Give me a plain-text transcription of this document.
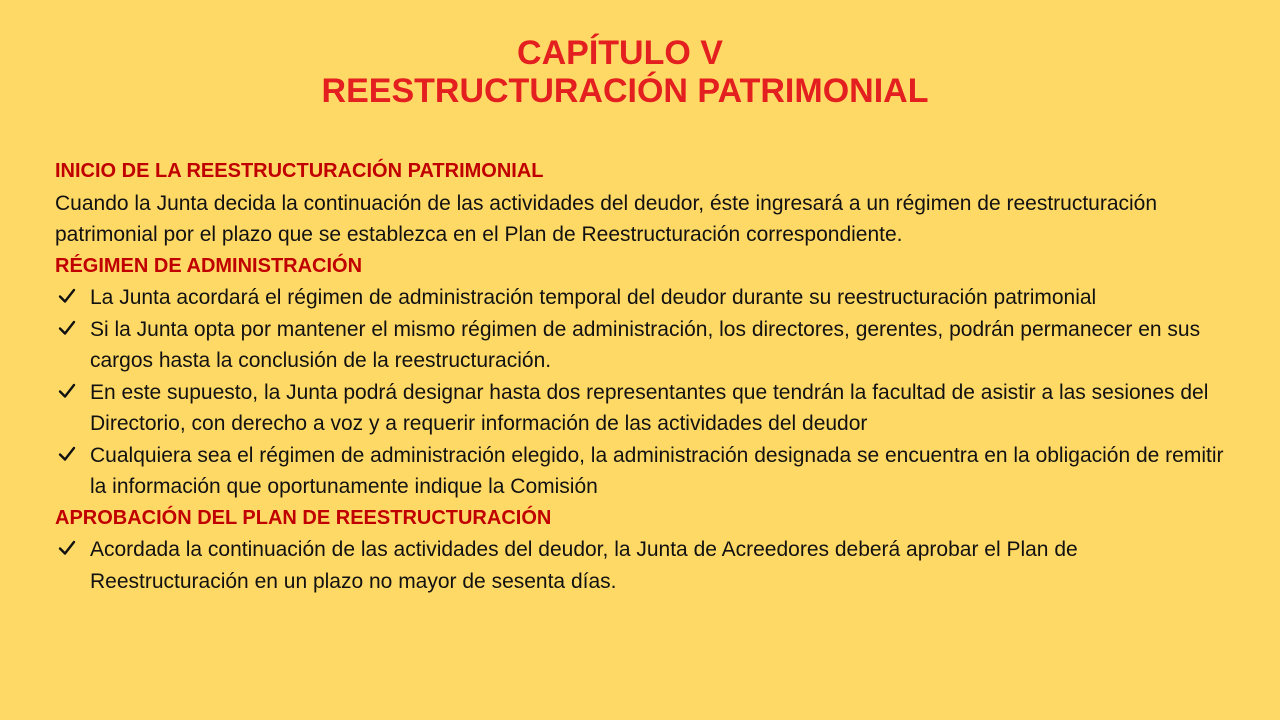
CAPÍTULO V
REESTRUCTURACIÓN PATRIMONIAL
INICIO DE LA REESTRUCTURACIÓN PATRIMONIAL

Cuando la Junta decida la continuación de las actividades del deudor, éste ingresará a un régimen de reestructuración patrimonial por el plazo que se establezca en el Plan de Reestructuración correspondiente.

RÉGIMEN DE ADMINISTRACIÓN
La Junta acordará el régimen de administración temporal del deudor durante su reestructuración patrimonial
Si la Junta opta por mantener el mismo régimen de administración, los directores, gerentes, podrán permanecer en sus cargos hasta la conclusión de la reestructuración.
En este supuesto, la Junta podrá designar hasta dos representantes que tendrán la facultad de asistir a las sesiones del Directorio, con derecho a voz y a requerir información de las actividades del deudor
Cualquiera sea el régimen de administración elegido, la administración designada se encuentra en la obligación de remitir la información que oportunamente indique la Comisión
APROBACIÓN DEL PLAN DE REESTRUCTURACIÓN
Acordada la continuación de las actividades del deudor, la Junta de Acreedores deberá aprobar el Plan de Reestructuración en un plazo no mayor de sesenta días.
